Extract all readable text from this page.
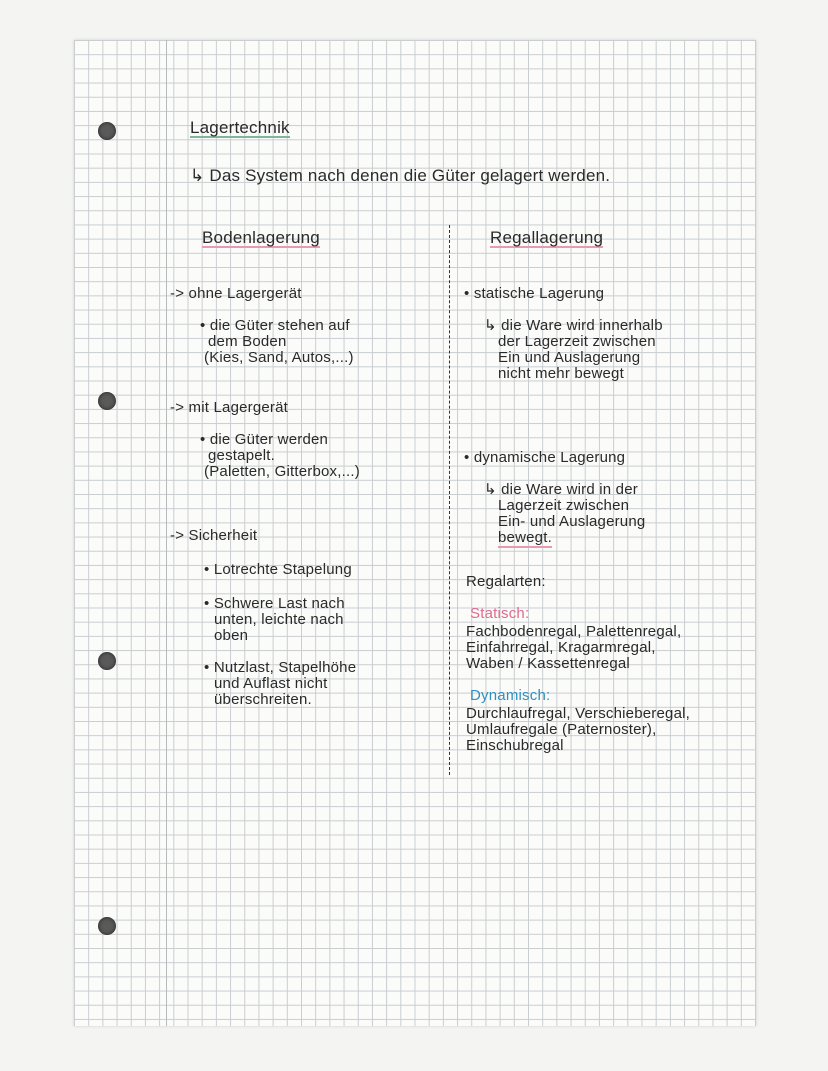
Lagertechnik
↳ Das System nach denen die Güter gelagert werden.
Bodenlagerung
-> ohne Lagergerät
• die Güter stehen auf
dem Boden
(Kies, Sand, Autos,...)
-> mit Lagergerät
• die Güter werden
gestapelt.
(Paletten, Gitterbox,...)
-> Sicherheit
• Lotrechte Stapelung
• Schwere Last nach
unten, leichte nach
oben
• Nutzlast, Stapelhöhe
und Auflast nicht
überschreiten.
Regallagerung
• statische Lagerung
↳ die Ware wird innerhalb
der Lagerzeit zwischen
Ein und Auslagerung
nicht mehr bewegt
• dynamische Lagerung
↳ die Ware wird in der
Lagerzeit zwischen
Ein- und Auslagerung
bewegt.
Regalarten:
Statisch:
Fachbodenregal, Palettenregal,
Einfahrregal, Kragarmregal,
Waben / Kassettenregal
Dynamisch:
Durchlaufregal, Verschieberegal,
Umlaufregale (Paternoster),
Einschubregal
